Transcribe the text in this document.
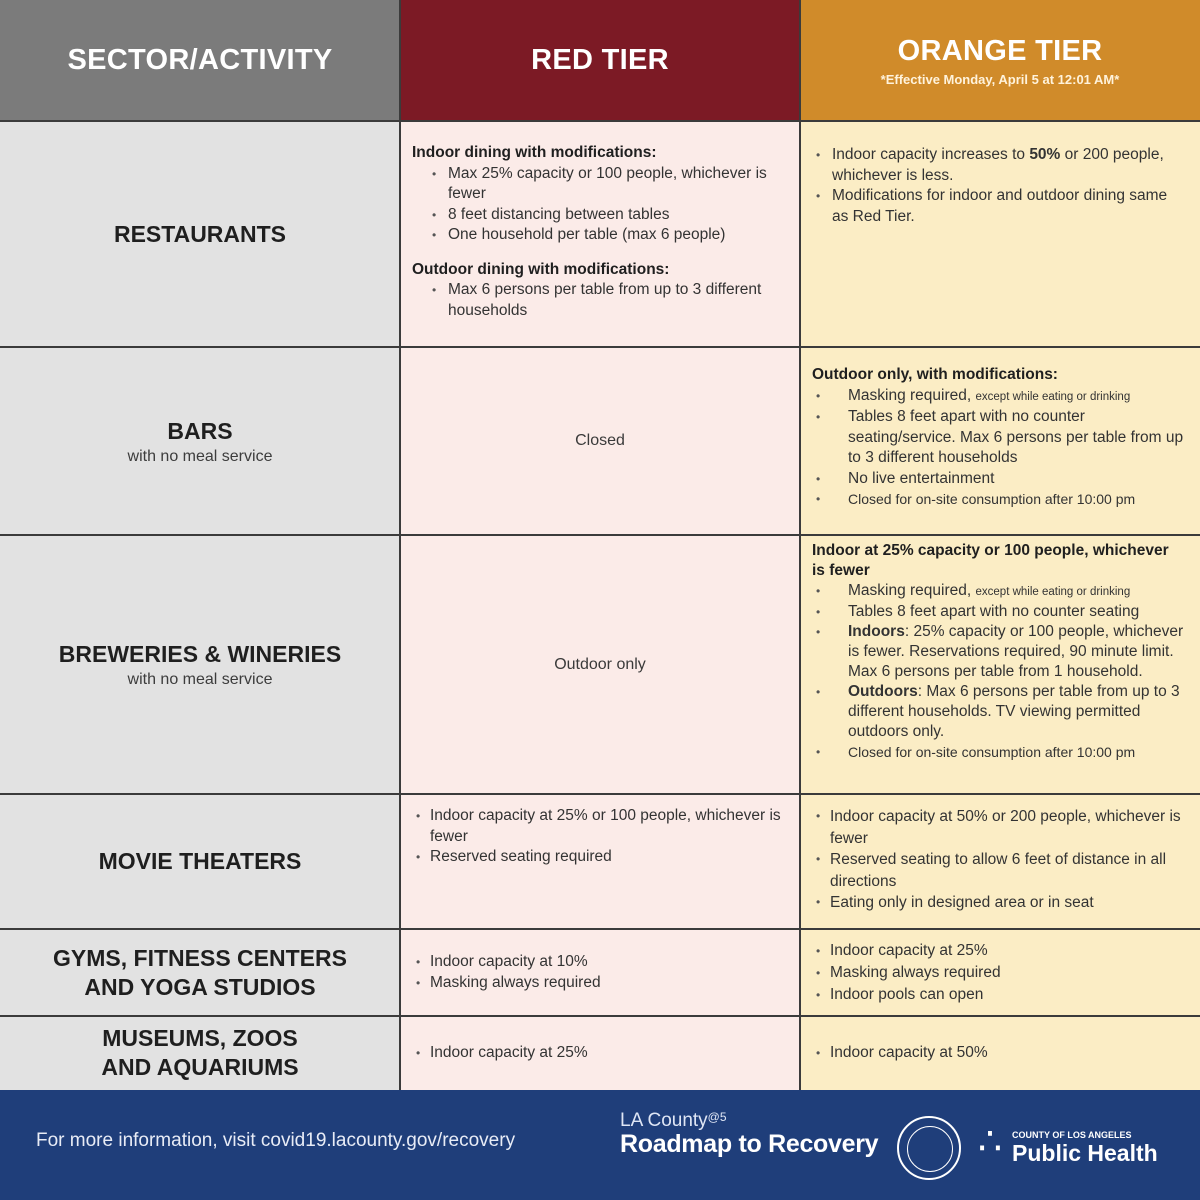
SECTOR/ACTIVITY	RED TIER	ORANGE TIER
*Effective Monday, April 5 at 12:01 AM*
RESTAURANTS
Indoor dining with modifications:
• Max 25% capacity or 100 people, whichever is fewer
• 8 feet distancing between tables
• One household per table (max 6 people)
Outdoor dining with modifications:
• Max 6 persons per table from up to 3 different households
• Indoor capacity increases to 50% or 200 people, whichever is less.
• Modifications for indoor and outdoor dining same as Red Tier.
BARS
with no meal service
Closed
Outdoor only, with modifications:
• Masking required, except while eating or drinking
• Tables 8 feet apart with no counter seating/service. Max 6 persons per table from up to 3 different households
• No live entertainment
• Closed for on-site consumption after 10:00 pm
BREWERIES & WINERIES
with no meal service
Outdoor only
Indoor at 25% capacity or 100 people, whichever is fewer
• Masking required, except while eating or drinking
• Tables 8 feet apart with no counter seating
• Indoors: 25% capacity or 100 people, whichever is fewer. Reservations required, 90 minute limit. Max 6 persons per table from 1 household.
• Outdoors: Max 6 persons per table from up to 3 different households. TV viewing permitted outdoors only.
• Closed for on-site consumption after 10:00 pm
MOVIE THEATERS
• Indoor capacity at 25% or 100 people, whichever is fewer
• Reserved seating required
• Indoor capacity at 50% or 200 people, whichever is fewer
• Reserved seating to allow 6 feet of distance in all directions
• Eating only in designed area or in seat
GYMS, FITNESS CENTERS
AND YOGA STUDIOS
• Indoor capacity at 10%
• Masking always required
• Indoor capacity at 25%
• Masking always required
• Indoor pools can open
MUSEUMS, ZOOS
AND AQUARIUMS
• Indoor capacity at 25%
•	Indoor capacity at 50%
For more information, visit covid19.lacounty.gov/recovery
LA County$^{@5}$
Roadmap to Recovery	∴ COUNTY OF LOS ANGELES
Public Health
